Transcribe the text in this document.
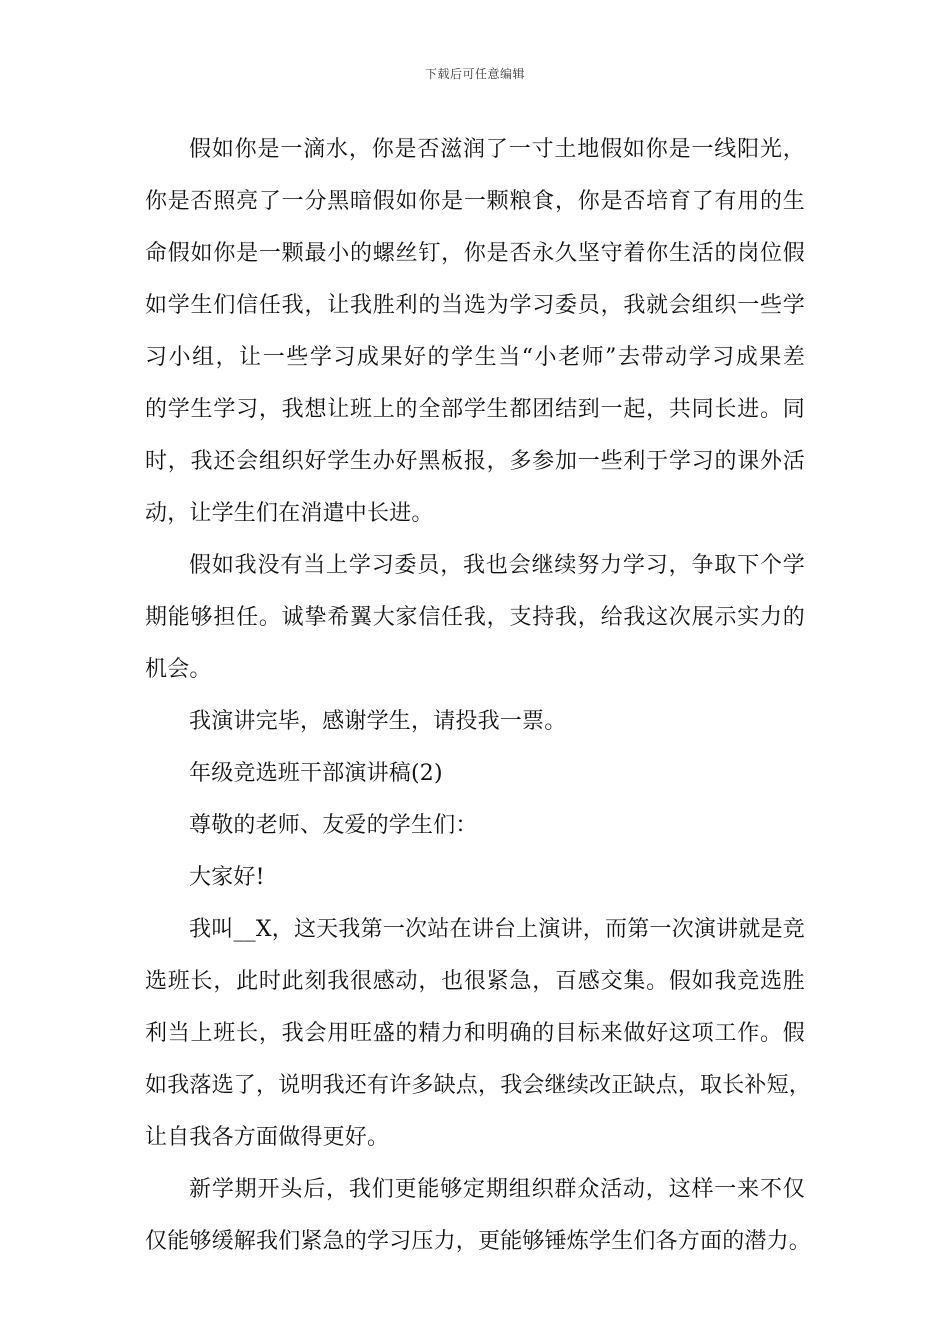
下载后可任意编辑
假如你是一滴水，你是否滋润了一寸土地假如你是一线阳光，
你是否照亮了一分黑暗假如你是一颗粮食，你是否培育了有用的生
命假如你是一颗最小的螺丝钉，你是否永久坚守着你生活的岗位假
如学生们信任我，让我胜利的当选为学习委员，我就会组织一些学
习小组，让一些学习成果好的学生当“小老师”去带动学习成果差
的学生学习，我想让班上的全部学生都团结到一起，共同长进。同
时，我还会组织好学生办好黑板报，多参加一些利于学习的课外活
动，让学生们在消遣中长进。
假如我没有当上学习委员，我也会继续努力学习，争取下个学
期能够担任。诚挚希翼大家信任我，支持我，给我这次展示实力的
机会。
我演讲完毕，感谢学生，请投我一票。
年级竞选班干部演讲稿(2)
尊敬的老师、友爱的学生们：
大家好!
我叫__X，这天我第一次站在讲台上演讲，而第一次演讲就是竞
选班长，此时此刻我很感动，也很紧急，百感交集。假如我竞选胜
利当上班长，我会用旺盛的精力和明确的目标来做好这项工作。假
如我落选了，说明我还有许多缺点，我会继续改正缺点，取长补短，
让自我各方面做得更好。
新学期开头后，我们更能够定期组织群众活动，这样一来不仅
仅能够缓解我们紧急的学习压力，更能够锤炼学生们各方面的潜力。
